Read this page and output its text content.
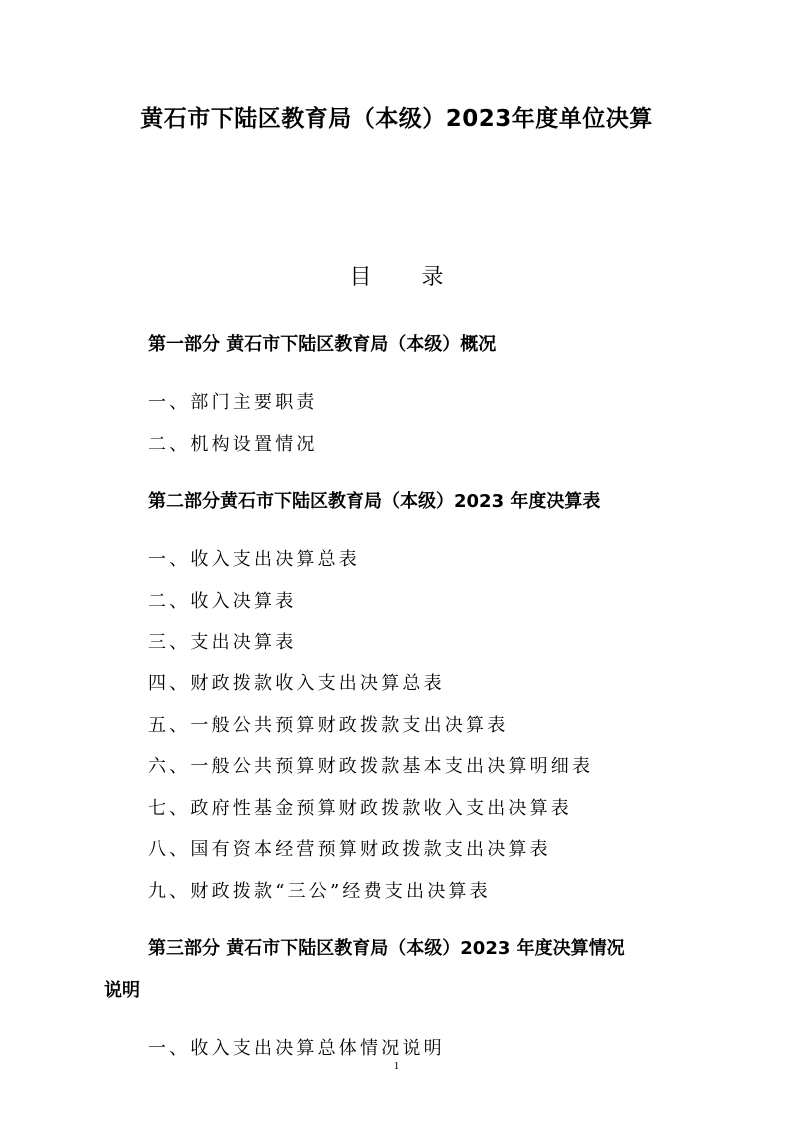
黄石市下陆区教育局（本级）2023年度单位决算
目 录
第一部分 黄石市下陆区教育局（本级）概况
一、部门主要职责
二、机构设置情况
第二部分黄石市下陆区教育局（本级）2023 年度决算表
一、收入支出决算总表
二、收入决算表
三、支出决算表
四、财政拨款收入支出决算总表
五、一般公共预算财政拨款支出决算表
六、一般公共预算财政拨款基本支出决算明细表
七、政府性基金预算财政拨款收入支出决算表
八、国有资本经营预算财政拨款支出决算表
九、财政拨款“三公”经费支出决算表
第三部分 黄石市下陆区教育局（本级）2023 年度决算情况
说明
一、收入支出决算总体情况说明
1
